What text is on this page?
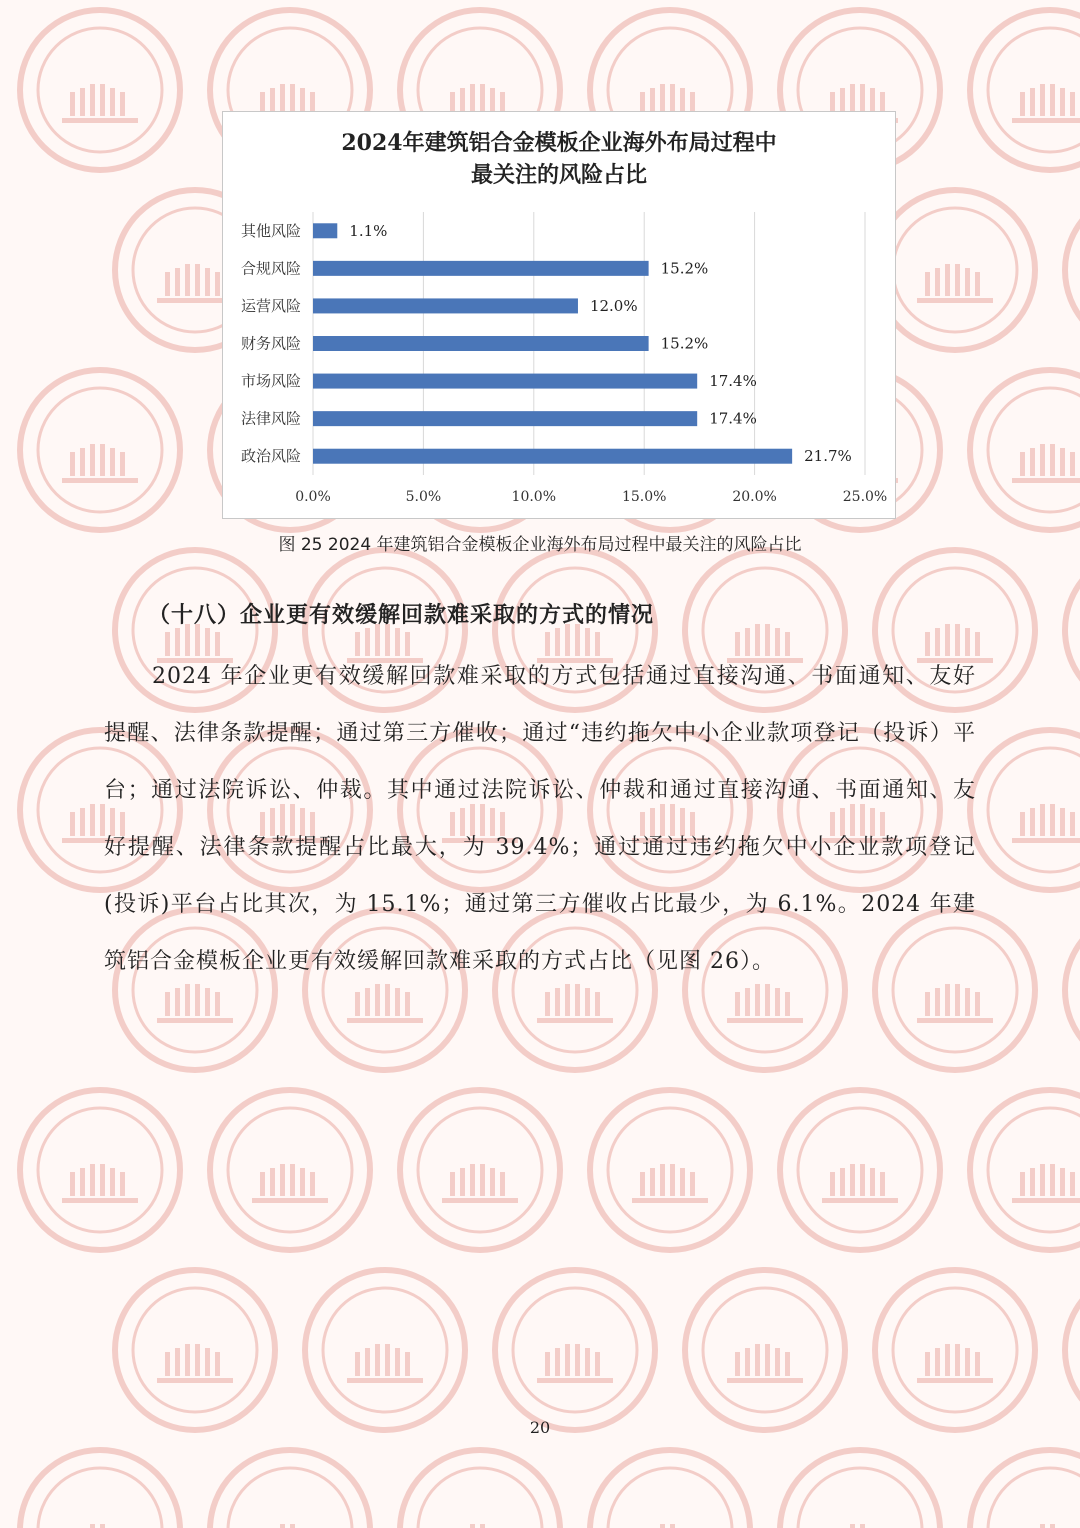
2024年建筑铝合金模板企业海外布局过程中
最关注的风险占比
0.0%	5.0%	10.0%	15.0%	20.0%	25.0%
其他风险	1.1%
合规风险	15.2%
运营风险	12.0%
财务风险	15.2%
市场风险	17.4%
法律风险	17.4%
政治风险	21.7%
图 25 2024 年建筑铝合金模板企业海外布局过程中最关注的风险占比
（十八）企业更有效缓解回款难采取的方式的情况

2024 年企业更有效缓解回款难采取的方式包括通过直接沟通、书面通知、友好提醒、法律条款提醒；通过第三方催收；通过“违约拖欠中小企业款项登记（投诉）平台；通过法院诉讼、仲裁。其中通过法院诉讼、仲裁和通过直接沟通、书面通知、友好提醒、法律条款提醒占比最大，为 39.4%；通过通过违约拖欠中小企业款项登记(投诉)平台占比其次，为 15.1%；通过第三方催收占比最少，为 6.1%。2024 年建筑铝合金模板企业更有效缓解回款难采取的方式占比（见图 26）。

20
